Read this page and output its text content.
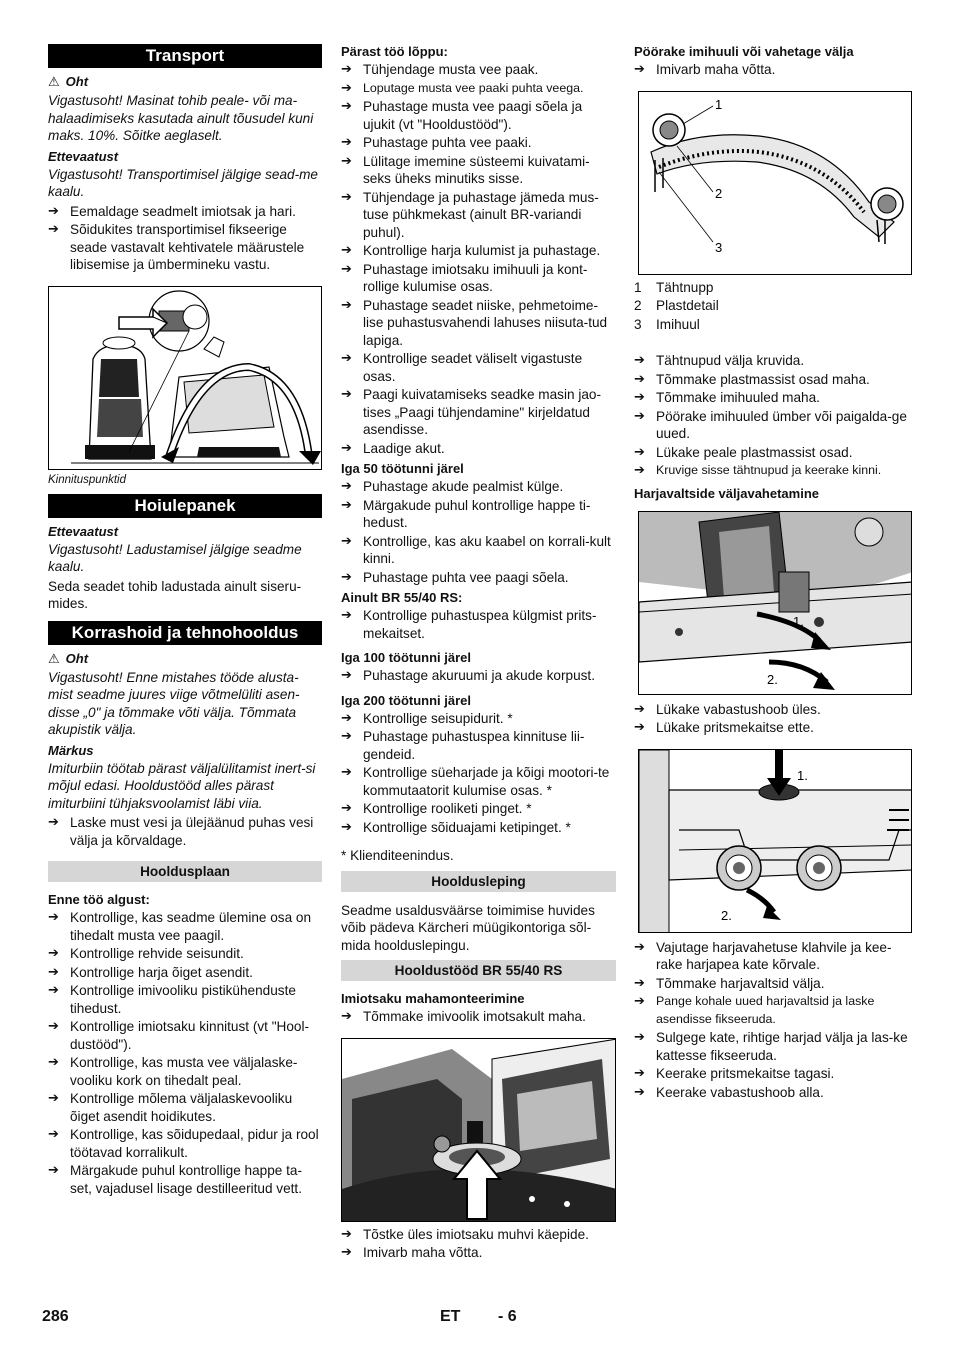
Transport
⚠ Oht

Vigastusoht! Masinat tohib peale- või ma-halaadimiseks kasutada ainult tõusudel kuni maks. 10%. Sõitke aeglaselt.

Ettevaatust

Vigastusoht! Transportimisel jälgige sead-me kaalu.

➔ Eemaldage seadmelt imiotsak ja hari.
➔ Sõidukites transportimisel fikseerige seade vastavalt kehtivatele määrustele libisemise ja ümbermineku vastu.
Kinnituspunktid
Hoiulepanek
Ettevaatust

Vigastusoht! Ladustamisel jälgige seadme kaalu.

Seda seadet tohib ladustada ainult siseru-mides.

Korrashoid ja tehnohooldus
⚠ Oht

Vigastusoht! Enne mistahes tööde alusta-mist seadme juures viige võtmelüliti asen-disse „0" ja tõmmake võti välja. Tõmmata akupistik välja.

Märkus

Imiturbiin töötab pärast väljalülitamist inert-si mõjul edasi. Hooldustööd alles pärast imiturbiini tühjaksvoolamist läbi viia.

➔ Laske must vesi ja ülejäänud puhas vesi välja ja kõrvaldage.
Hooldusplaan
Enne töö algust:
➔ Kontrollige, kas seadme ülemine osa on tihedalt musta vee paagil.
➔ Kontrollige rehvide seisundit.
➔ Kontrollige harja õiget asendit.
➔ Kontrollige imivooliku pistikühenduste tihedust.
➔ Kontrollige imiotsaku kinnitust (vt "Hool-dustööd").
➔ Kontrollige, kas musta vee väljalaske-vooliku kork on tihedalt peal.
➔ Kontrollige mõlema väljalaskevooliku õiget asendit hoidikutes.
➔ Kontrollige, kas sõidupedaal, pidur ja rool töötavad korralikult.
➔ Märgakude puhul kontrollige happe ta-set, vajadusel lisage destilleeritud vett.
Pärast töö lõppu:
➔ Tühjendage musta vee paak.
➔ Loputage musta vee paaki puhta veega.
➔ Puhastage musta vee paagi sõela ja ujukit (vt "Hooldustööd").
➔ Puhastage puhta vee paaki.
➔ Lülitage imemine süsteemi kuivatami-seks üheks minutiks sisse.
➔ Tühjendage ja puhastage jämeda mus-tuse pühkmekast (ainult BR-variandi puhul).
➔ Kontrollige harja kulumist ja puhastage.
➔ Puhastage imiotsaku imihuuli ja kont-rollige kulumise osas.
➔ Puhastage seadet niiske, pehmetoime-lise puhastusvahendi lahuses niisuta-tud lapiga.
➔ Kontrollige seadet väliselt vigastuste osas.
➔ Paagi kuivatamiseks seadke masin jao-tises „Paagi tühjendamine" kirjeldatud asendisse.
➔ Laadige akut.
Iga 50 töötunni järel
➔ Puhastage akude pealmist külge.
➔ Märgakude puhul kontrollige happe ti-hedust.
➔ Kontrollige, kas aku kaabel on korrali-kult kinni.
➔ Puhastage puhta vee paagi sõela.
Ainult BR 55/40 RS:
➔ Kontrollige puhastuspea külgmist prits-mekaitset.
Iga 100 töötunni järel
➔ Puhastage akuruumi ja akude korpust.
Iga 200 töötunni järel
➔ Kontrollige seisupidurit. *
➔ Puhastage puhastuspea kinnituse lii-gendeid.
➔ Kontrollige süeharjade ja kõigi mootori-te kommutaatorit kulumise osas. *
➔ Kontrollige rooliketi pinget. *
➔ Kontrollige sõiduajami ketipinget. *

* Klienditeenindus.

Hooldusleping

Seadme usaldusväärse toimimise huvides võib pädeva Kärcheri müügikontoriga sõl-mida hoolduslepingu.

Hooldustööd BR 55/40 RS
Imiotsaku mahamonteerimine
➔ Tõmmake imivoolik imotsakult maha.
➔ Tõstke üles imiotsaku muhvi käepide.
➔ Imivarb maha võtta.
Pöörake imihuuli või vahetage välja
➔ Imivarb maha võtta.
1
2
3
1 Tähtnupp
2 Plastdetail
3 Imihuul
➔ Tähtnupud välja kruvida.
➔ Tõmmake plastmassist osad maha.
➔ Tõmmake imihuuled maha.
➔ Pöörake imihuuled ümber või paigalda-ge uued.
➔ Lükake peale plastmassist osad.
➔ Kruvige sisse tähtnupud ja keerake kinni.
Harjavaltside väljavahetamine
1.
2.
➔ Lükake vabastushoob üles.
➔ Lükake pritsmekaitse ette.
1.
2.
➔ Vajutage harjavahetuse klahvile ja kee-rake harjapea kate kõrvale.
➔ Tõmmake harjavaltsid välja.
➔ Pange kohale uued harjavaltsid ja laske asendisse fikseeruda.
➔ Sulgege kate, rihtige harjad välja ja las-ke kattesse fikseeruda.
➔ Keerake pritsmekaitse tagasi.
➔ Keerake vabastushoob alla.
286	ET - 6
